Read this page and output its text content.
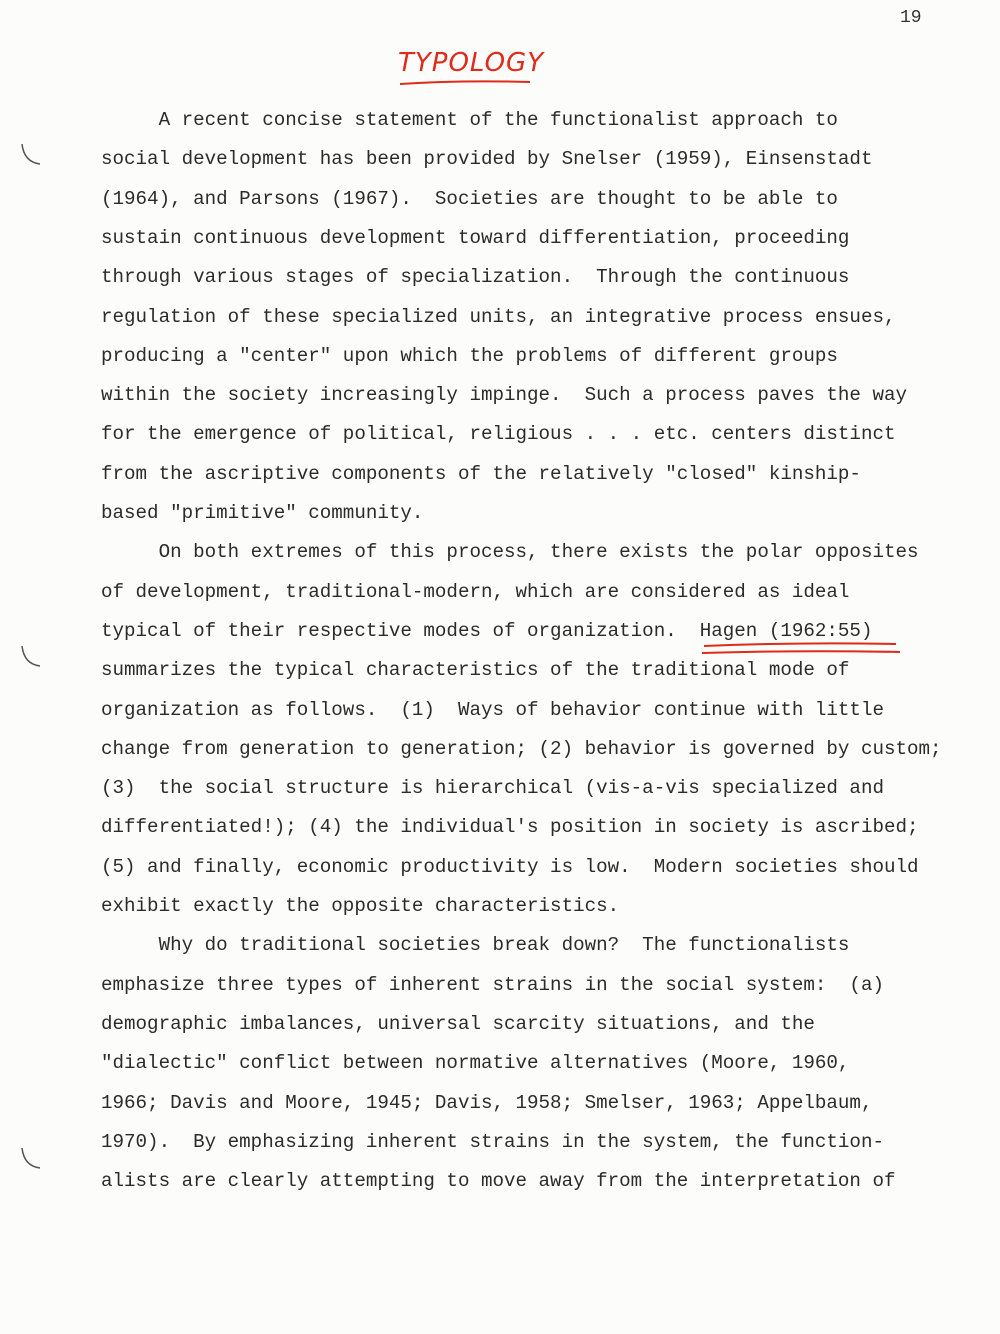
19
TYPOLOGY
A recent concise statement of the functionalist approach to
social development has been provided by Snelser (1959), Einsenstadt
(1964), and Parsons (1967).  Societies are thought to be able to
sustain continuous development toward differentiation, proceeding
through various stages of specialization.  Through the continuous
regulation of these specialized units, an integrative process ensues,
producing a "center" upon which the problems of different groups
within the society increasingly impinge.  Such a process paves the way
for the emergence of political, religious . . . etc. centers distinct
from the ascriptive components of the relatively "closed" kinship-
based "primitive" community.
On both extremes of this process, there exists the polar opposites
of development, traditional-modern, which are considered as ideal
typical of their respective modes of organization.  Hagen (1962:55)
summarizes the typical characteristics of the traditional mode of
organization as follows.  (1)  Ways of behavior continue with little
change from generation to generation; (2) behavior is governed by custom;
(3)  the social structure is hierarchical (vis-a-vis specialized and
differentiated!); (4) the individual's position in society is ascribed;
(5) and finally, economic productivity is low.  Modern societies should
exhibit exactly the opposite characteristics.
Why do traditional societies break down?  The functionalists
emphasize three types of inherent strains in the social system:  (a)
demographic imbalances, universal scarcity situations, and the
"dialectic" conflict between normative alternatives (Moore, 1960,
1966; Davis and Moore, 1945; Davis, 1958; Smelser, 1963; Appelbaum,
1970).  By emphasizing inherent strains in the system, the function-
alists are clearly attempting to move away from the interpretation of
